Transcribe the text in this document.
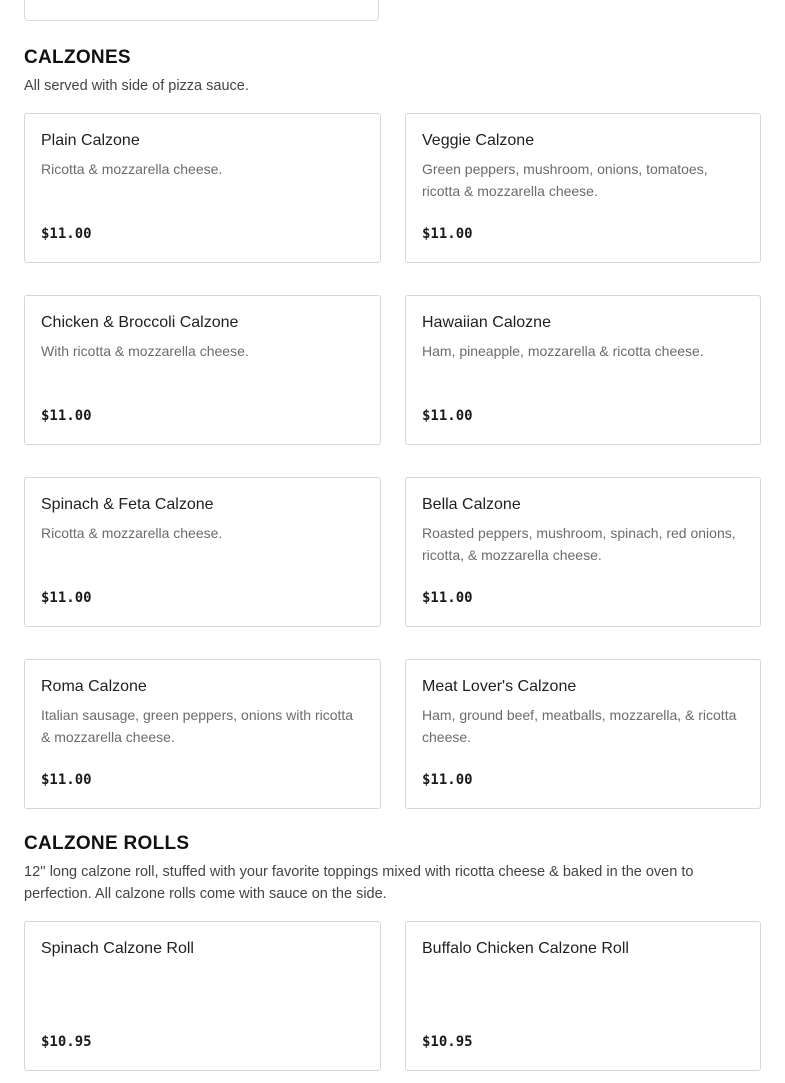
CALZONES

All served with side of pizza sauce.

Plain Calzone
Ricotta & mozzarella cheese.
$11.00
Veggie Calzone
Green peppers, mushroom, onions, tomatoes, ricotta & mozzarella cheese.
$11.00
Chicken & Broccoli Calzone
With ricotta & mozzarella cheese.
$11.00
Hawaiian Calozne
Ham, pineapple, mozzarella & ricotta cheese.
$11.00
Spinach & Feta Calzone
Ricotta & mozzarella cheese.
$11.00
Bella Calzone
Roasted peppers, mushroom, spinach, red onions, ricotta, & mozzarella cheese.
$11.00
Roma Calzone
Italian sausage, green peppers, onions with ricotta & mozzarella cheese.
$11.00
Meat Lover's Calzone
Ham, ground beef, meatballs, mozzarella, & ricotta cheese.
$11.00
CALZONE ROLLS

12'' long calzone roll, stuffed with your favorite toppings mixed with ricotta cheese & baked in the oven to perfection. All calzone rolls come with sauce on the side.

Spinach Calzone Roll
$10.95
Buffalo Chicken Calzone Roll
$10.95
